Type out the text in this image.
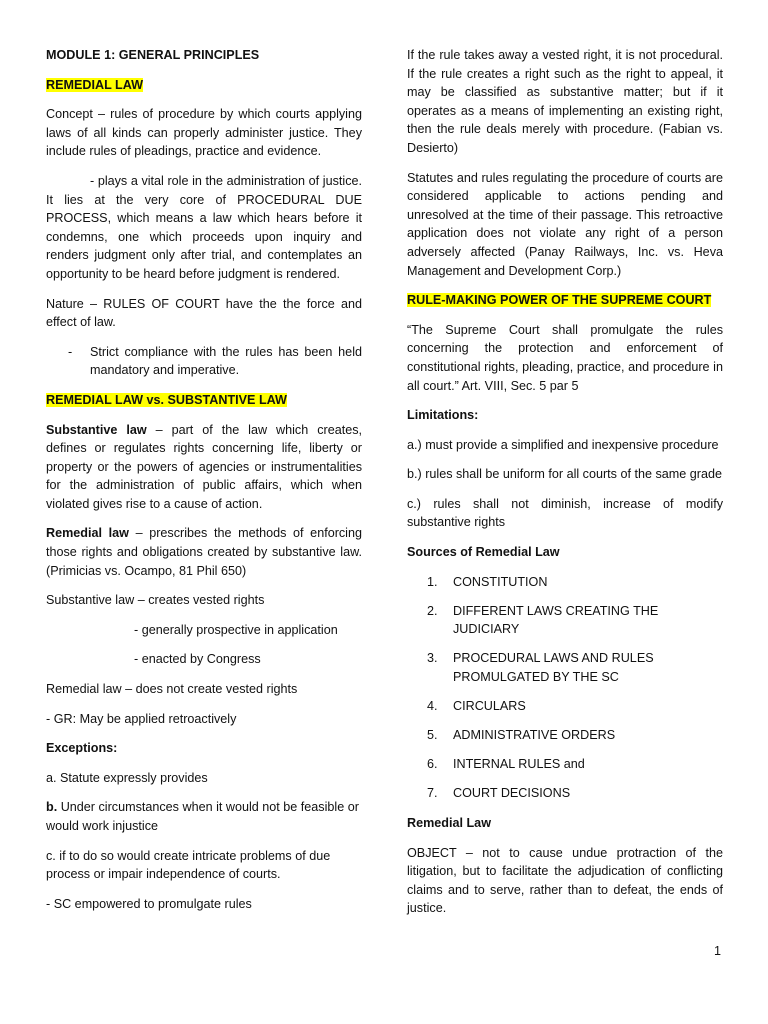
MODULE 1: GENERAL PRINCIPLES

REMEDIAL LAW

Concept – rules of procedure by which courts applying laws of all kinds can properly administer justice. They include rules of pleadings, practice and evidence.

- plays a vital role in the administration of justice. It lies at the very core of PROCEDURAL DUE PROCESS, which means a law which hears before it condemns, one which proceeds upon inquiry and renders judgment only after trial, and contemplates an opportunity to be heard before judgment is rendered.

Nature – RULES OF COURT have the the force and effect of law.

-	Strict compliance with the rules has been held mandatory and imperative.

REMEDIAL LAW vs. SUBSTANTIVE LAW

Substantive law – part of the law which creates, defines or regulates rights concerning life, liberty or property or the powers of agencies or instrumentalities for the administration of public affairs, which when violated gives rise to a cause of action.

Remedial law – prescribes the methods of enforcing those rights and obligations created by substantive law. (Primicias vs. Ocampo, 81 Phil 650)

Substantive law – creates vested rights

- generally prospective in application

- enacted by Congress

Remedial law – does not create vested rights

- GR: May be applied retroactively

Exceptions:

a. Statute expressly provides

b. Under circumstances when it would not be feasible or would work injustice

c. if to do so would create intricate problems of due process or impair independence of courts.

- SC empowered to promulgate rules

If the rule takes away a vested right, it is not procedural. If the rule creates a right such as the right to appeal, it may be classified as substantive matter; but if it operates as a means of implementing an existing right, then the rule deals merely with procedure. (Fabian vs. Desierto)

Statutes and rules regulating the procedure of courts are considered applicable to actions pending and unresolved at the time of their passage. This retroactive application does not violate any right of a person adversely affected (Panay Railways, Inc. vs. Heva Management and Development Corp.)

RULE-MAKING POWER OF THE SUPREME COURT

“The Supreme Court shall promulgate the rules concerning the protection and enforcement of constitutional rights, pleading, practice, and procedure in all court.” Art. VIII, Sec. 5 par 5

Limitations:

a.) must provide a simplified and inexpensive procedure

b.) rules shall be uniform for all courts of the same grade

c.) rules shall not diminish, increase of modify substantive rights

Sources of Remedial Law

1.	CONSTITUTION
2.	DIFFERENT LAWS CREATING THE JUDICIARY
3.	PROCEDURAL LAWS AND RULES PROMULGATED BY THE SC
4.	CIRCULARS
5.	ADMINISTRATIVE ORDERS
6.	INTERNAL RULES and
7.	COURT DECISIONS

Remedial Law

OBJECT – not to cause undue protraction of the litigation, but to facilitate the adjudication of conflicting claims and to serve, rather than to defeat, the ends of justice.

1
